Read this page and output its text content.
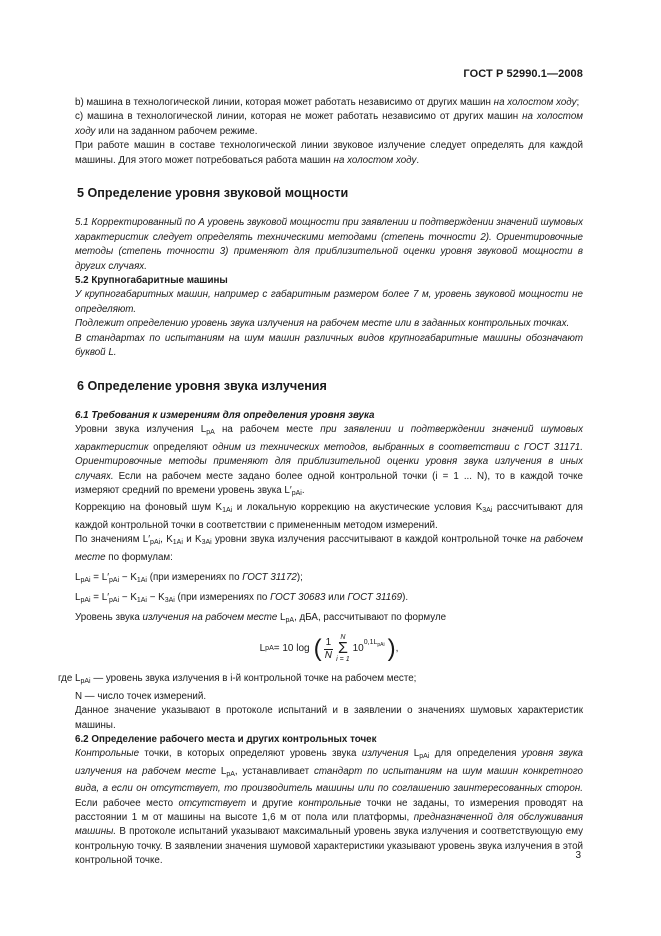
ГОСТ Р 52990.1—2008

b) машина в технологической линии, которая может работать независимо от других машин на холостом ходу;

c) машина в технологической линии, которая не может работать независимо от других машин на холостом ходу или на заданном рабочем режиме.

При работе машин в составе технологической линии звуковое излучение следует определять для каждой машины. Для этого может потребоваться работа машин на холостом ходу.

5 Определение уровня звуковой мощности

5.1 Корректированный по А уровень звуковой мощности при заявлении и подтверждении значений шумовых характеристик следует определять техническими методами (степень точности 2). Ориентировочные методы (степень точности 3) применяют для приблизительной оценки уровня звуковой мощности в других случаях.

5.2 Крупногабаритные машины

У крупногабаритных машин, например с габаритным размером более 7 м, уровень звуковой мощности не определяют.

Подлежит определению уровень звука излучения на рабочем месте или в заданных контрольных точках.

В стандартах по испытаниям на шум машин различных видов крупногабаритные машины обозначают буквой L.

6 Определение уровня звука излучения

6.1 Требования к измерениям для определения уровня звука

Уровни звука излучения $L_{pA}$ на рабочем месте при заявлении и подтверждении значений шумовых характеристик определяют одним из технических методов, выбранных в соответствии с ГОСТ 31171. Ориентировочные методы применяют для приблизительной оценки уровня звука излучения в иных случаях. Если на рабочем месте задано более одной контрольной точки (i = 1 ... N), то в каждой точке измеряют средний по времени уровень звука $L'_{pAi}$.

Коррекцию на фоновый шум $K_{1Ai}$ и локальную коррекцию на акустические условия $K_{3Ai}$ рассчитывают для каждой контрольной точки в соответствии с примененным методом измерений.

По значениям $L'_{pAi}$, $K_{1Ai}$ и $K_{3Ai}$ уровни звука излучения рассчитывают в каждой контрольной точке на рабочем месте по формулам:

$L_{pAi} = L'_{pAi} - K_{1Ai}$ (при измерениях по ГОСТ 31172);
$L_{pAi} = L'_{pAi} - K_{1Ai} - K_{3Ai}$ (при измерениях по ГОСТ 30683 или ГОСТ 31169).

Уровень звука излучения на рабочем месте $L_{pA}$, дБА, рассчитывают по формуле

L pA = 10 log ( 1
N
N
Σ
i = 1
10
$0,1L_{pAi}$ ) ,

где $L_{pAi}$ — уровень звука излучения в i-й контрольной точке на рабочем месте;

N — число точек измерений.

Данное значение указывают в протоколе испытаний и в заявлении о значениях шумовых характеристик машины.

6.2 Определение рабочего места и других контрольных точек

Контрольные точки, в которых определяют уровень звука излучения $L_{pAi}$ для определения уровня звука излучения на рабочем месте $L_{pA}$, устанавливает стандарт по испытаниям на шум машин конкретного вида, а если он отсутствует, то производитель машины или по соглашению заинтересованных сторон. Если рабочее место отсутствует и другие контрольные точки не заданы, то измерения проводят на расстоянии 1 м от машины на высоте 1,6 м от пола или платформы, предназначенной для обслуживания машины. В протоколе испытаний указывают максимальный уровень звука излучения и соответствующую ему контрольную точку. В заявлении значения шумовой характеристики указывают уровень звука излучения в этой контрольной точке.	3
